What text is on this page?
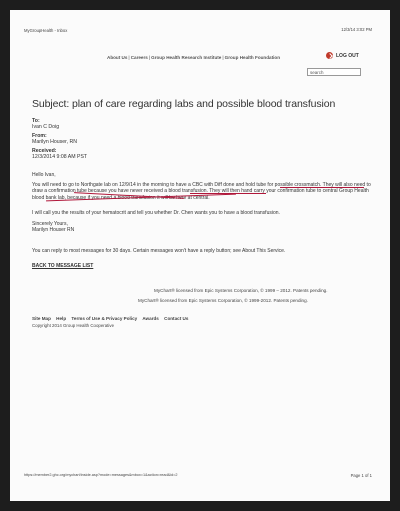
MyGroupHealth - Inbox	12/3/14 3:02 PM
About Us|Careers|Group Health Research Institute|Group Health Foundation	LOG OUT
search
Subject: plan of care regarding labs and possible blood transfusion
To:
Ivan C Doig
From:
Marilyn Houser, RN
Received:
12/3/2014 9:08 AM PST
Hello Ivan,
You will need to go to Northgate lab on 12/9/14 in the morning to have a CBC with Diff done and hold tube for possible crossmatch. They will also need to draw a confirmation tube because you have never received a blood transfusion. They will then hand carry your confirmation tube to central Group Health blood bank lab, because if you need a blood transfusion it will be here at central.
I will call you the results of your hematocrit and tell you whether Dr. Chen wants you to have a blood transfusion.
Sincerely Yours,
Marilyn Houser RN
You can reply to most messages for 30 days. Certain messages won't have a reply button; see About This Service.
BACK TO MESSAGE LIST
MyChart® licensed from Epic Systems Corporation, © 1999 – 2012. Patents pending.
MyChart® licensed from Epic Systems Corporation, © 1999-2012. Patents pending.
Site Map Help Terms of Use & Privacy Policy Awards Contact Us
Copyright 2014 Group Health Cooperative
https://member2.ghc.org/mychart/inside.asp?mode=messages&mbox=1&action=read&id=2	Page 1 of 1
